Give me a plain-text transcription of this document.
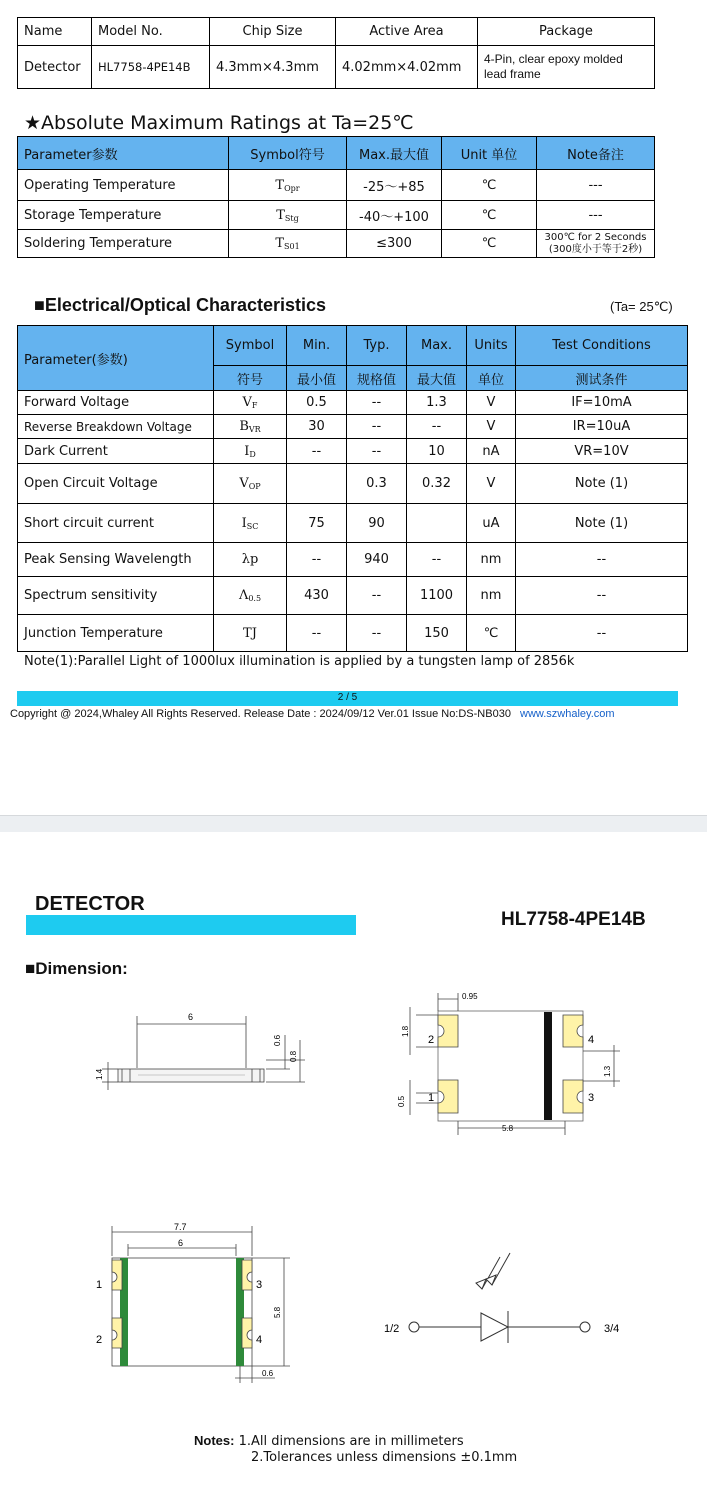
Name	Model No.	Chip Size	Active Area	Package
Detector	HL7758-4PE14B	4.3mm×4.3mm	4.02mm×4.02mm	4-Pin, clear epoxy molded lead frame
★Absolute Maximum Ratings at Ta=25℃
Parameter参数	Symbol符号	Max.最大值	Unit 单位	Note备注
Operating Temperature	$T_{Opr}$	-25～+85	℃	---
Storage Temperature	$T_{Stg}$	-40～+100	℃	---
Soldering Temperature	$T_{S01}$	≤300	℃	300℃ for 2 Seconds (300度小于等于2秒)
■Electrical/Optical Characteristics	(Ta= 25℃)
Parameter(参数)	Symbol	Min.	Typ.	Max.	Units	Test Conditions
	符号	最小值	规格值	最大值	单位	测试条件
Forward Voltage	$V_F$	0.5	--	1.3	V	IF=10mA
Reverse Breakdown Voltage	$B_{VR}$	30	--	--	V	IR=10uA
Dark Current	$I_D$	--	--	10	nA	VR=10V
Open Circuit Voltage	$V_{OP}$		0.3	0.32	V	Note (1)
Short circuit current	$I_{SC}$	75	90		uA	Note (1)
Peak Sensing Wavelength	λp	--	940	--	nm	--
Spectrum sensitivity	$\Lambda_{0.5}$	430	--	1100	nm	--
Junction Temperature	TJ	--	--	150	℃	--
Note(1):Parallel Light of 1000lux illumination is applied by a tungsten lamp of 2856k
2 / 5
Copyright @ 2024,Whaley All Rights Reserved. Release Date : 2024/09/12 Ver.01 Issue No:DS-NB030 www.szwhaley.com
DETECTOR
HL7758-4PE14B
■Dimension:
6
0.6
0.8
1.4
2	4
1	3
0.95
1.8
0.5
1.3
5.8
1	3
2	4
7.7
6
5.8
0.6
1/2	3/4
Notes: 1.All dimensions are in millimeters
2.Tolerances unless dimensions ±0.1mm
